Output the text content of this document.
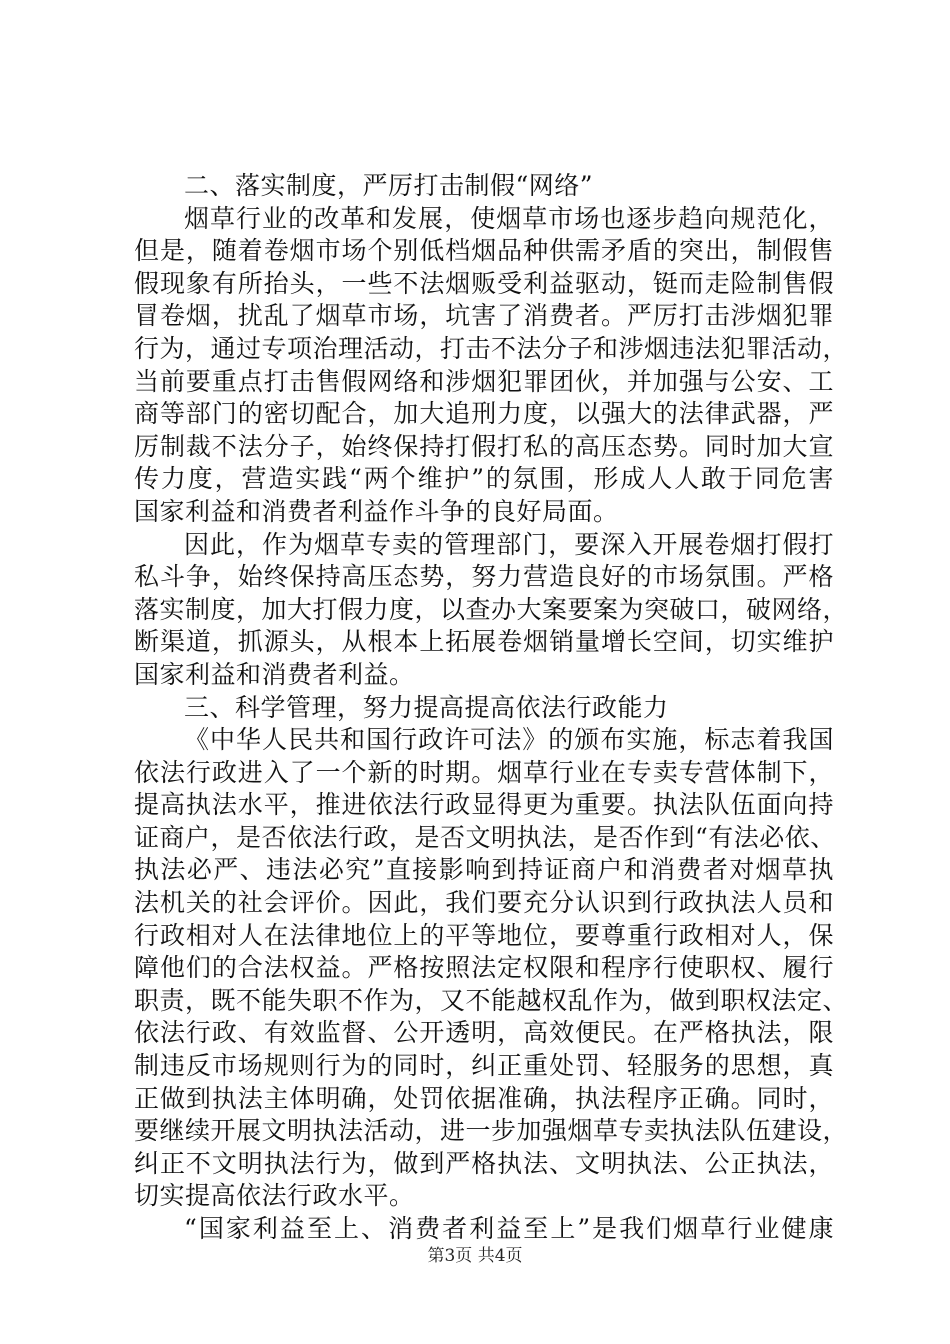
二、落实制度，严厉打击制假“网络”
烟草行业的改革和发展，使烟草市场也逐步趋向规范化，
但是，随着卷烟市场个别低档烟品种供需矛盾的突出，制假售
假现象有所抬头，一些不法烟贩受利益驱动，铤而走险制售假
冒卷烟，扰乱了烟草市场，坑害了消费者。严厉打击涉烟犯罪
行为，通过专项治理活动，打击不法分子和涉烟违法犯罪活动，
当前要重点打击售假网络和涉烟犯罪团伙，并加强与公安、工
商等部门的密切配合，加大追刑力度，以强大的法律武器，严
厉制裁不法分子，始终保持打假打私的高压态势。同时加大宣
传力度，营造实践“两个维护”的氛围，形成人人敢于同危害
国家利益和消费者利益作斗争的良好局面。
因此，作为烟草专卖的管理部门，要深入开展卷烟打假打
私斗争，始终保持高压态势，努力营造良好的市场氛围。严格
落实制度，加大打假力度，以查办大案要案为突破口，破网络，
断渠道，抓源头，从根本上拓展卷烟销量增长空间，切实维护
国家利益和消费者利益。
三、科学管理，努力提高提高依法行政能力
《中华人民共和国行政许可法》的颁布实施，标志着我国
依法行政进入了一个新的时期。烟草行业在专卖专营体制下，
提高执法水平，推进依法行政显得更为重要。执法队伍面向持
证商户，是否依法行政，是否文明执法，是否作到“有法必依、
执法必严、违法必究”直接影响到持证商户和消费者对烟草执
法机关的社会评价。因此，我们要充分认识到行政执法人员和
行政相对人在法律地位上的平等地位，要尊重行政相对人，保
障他们的合法权益。严格按照法定权限和程序行使职权、履行
职责，既不能失职不作为，又不能越权乱作为，做到职权法定、
依法行政、有效监督、公开透明，高效便民。在严格执法，限
制违反市场规则行为的同时，纠正重处罚、轻服务的思想，真
正做到执法主体明确，处罚依据准确，执法程序正确。同时，
要继续开展文明执法活动，进一步加强烟草专卖执法队伍建设，
纠正不文明执法行为，做到严格执法、文明执法、公正执法，
切实提高依法行政水平。
“国家利益至上、消费者利益至上”是我们烟草行业健康
第3页 共4页
